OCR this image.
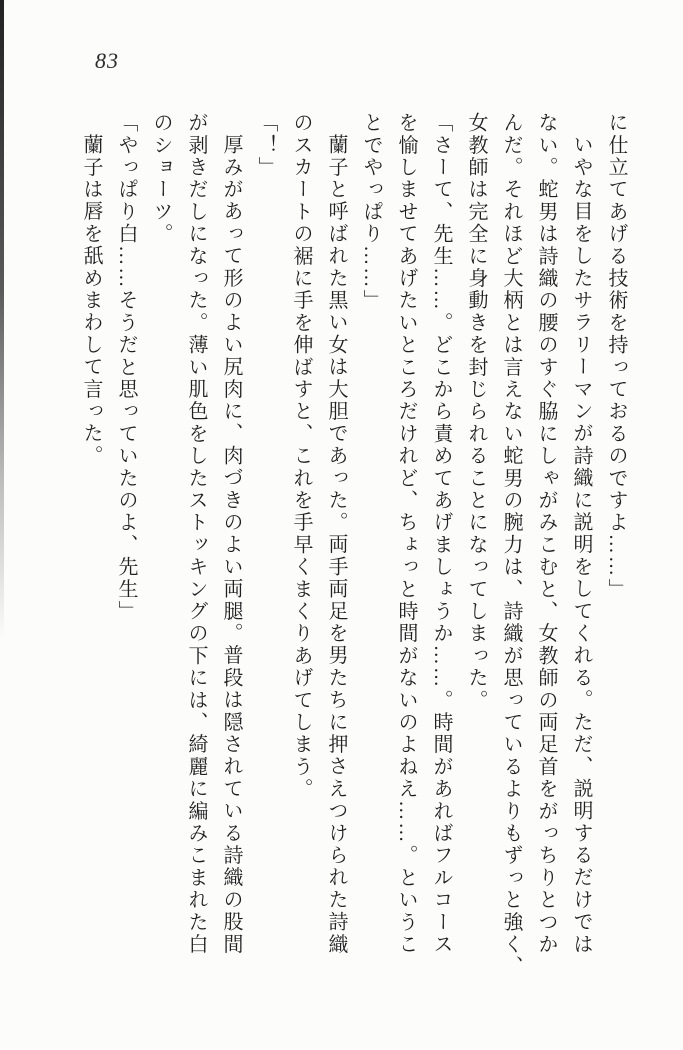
83

に仕立てあげる技術を持っておるのですよ……」

いやな目をしたサラリーマンが詩織に説明をしてくれる。ただ、説明するだけでは

ない。蛇男は詩織の腰のすぐ脇にしゃがみこむと、女教師の両足首をがっちりとつか

んだ。それほど大柄とは言えない蛇男の腕力は、詩織が思っているよりもずっと強く、

女教師は完全に身動きを封じられることになってしまった。

「さーて、先生……。どこから責めてあげましょうか……。時間があればフルコース

を愉しませてあげたいところだけれど、ちょっと時間がないのよねえ……。というこ

とでやっぱり……」

蘭子と呼ばれた黒い女は大胆であった。両手両足を男たちに押さえつけられた詩織

のスカートの裾に手を伸ばすと、これを手早くまくりあげてしまう。

「！」

厚みがあって形のよい尻肉に、肉づきのよい両腿。普段は隠されている詩織の股間

が剥きだしになった。薄い肌色をしたストッキングの下には、綺麗に編みこまれた白

のショーツ。

「やっぱり白……そうだと思っていたのよ、先生」

蘭子は唇を舐めまわして言った。
